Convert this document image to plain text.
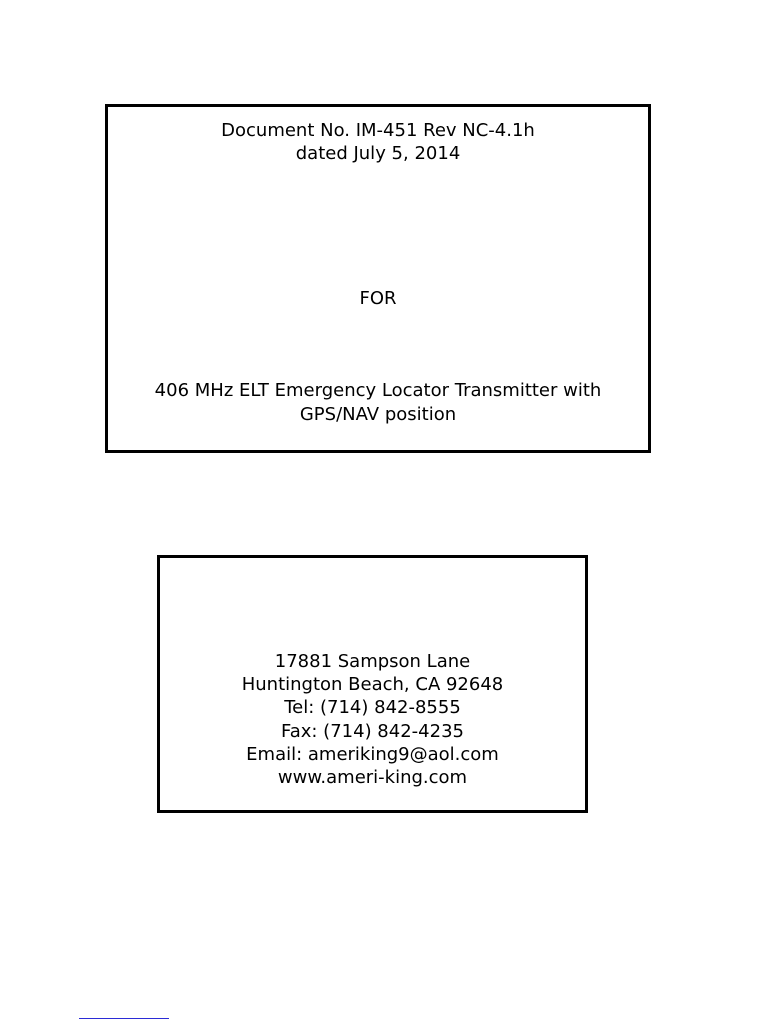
Document No. IM-451 Rev NC-4.1h
dated July 5, 2014
FOR
406 MHz ELT Emergency Locator Transmitter with
GPS/NAV position
17881 Sampson Lane
Huntington Beach, CA 92648
Tel: (714) 842-8555
Fax: (714) 842-4235
Email: ameriking9@aol.com
www.ameri-king.com
